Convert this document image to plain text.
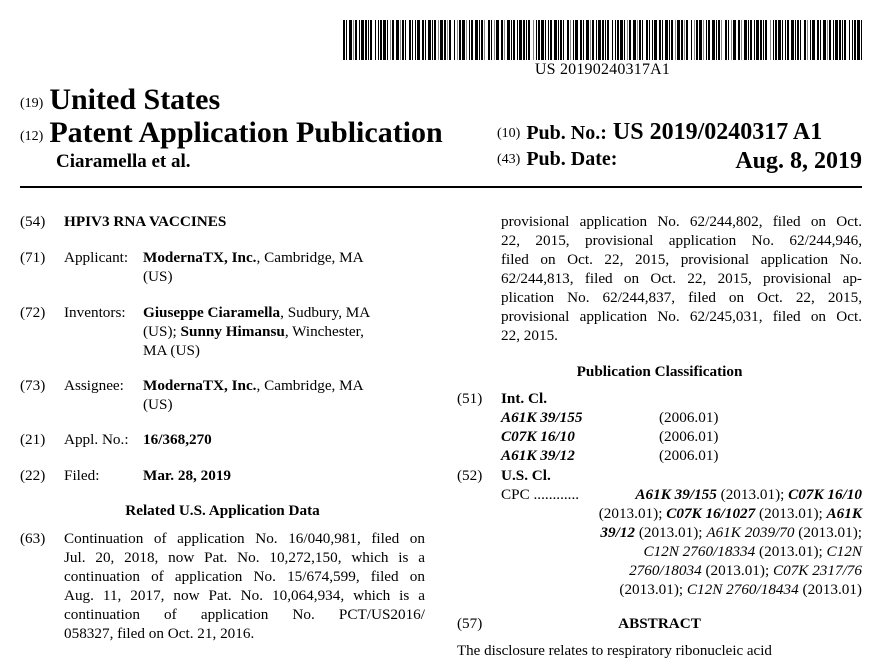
US 20190240317A1
(19) United States
(12) Patent Application Publication
Ciaramella et al.
(10) Pub. No.: US 2019/0240317 A1
(43) Pub. Date:	Aug. 8, 2019
(54) HPIV3 RNA VACCINES
(71) Applicant: ModernaTX, Inc., Cambridge, MA
(US)
(72) Inventors: Giuseppe Ciaramella, Sudbury, MA
(US); Sunny Himansu, Winchester,
MA (US)
(73) Assignee: ModernaTX, Inc., Cambridge, MA
(US)
(21) Appl. No.: 16/368,270
(22) Filed:	Mar. 28, 2019
Related U.S. Application Data
(63) Continuation of application No. 16/040,981, filed on
Jul. 20, 2018, now Pat. No. 10,272,150, which is a
continuation of application No. 15/674,599, filed on
Aug. 11, 2017, now Pat. No. 10,064,934, which is a
continuation of application No. PCT/US2016/
058327, filed on Oct. 21, 2016.
provisional application No. 62/244,802, filed on Oct.
22, 2015, provisional application No. 62/244,946,
filed on Oct. 22, 2015, provisional application No.
62/244,813, filed on Oct. 22, 2015, provisional ap-
plication No. 62/244,837, filed on Oct. 22, 2015,
provisional application No. 62/245,031, filed on Oct.
22, 2015.
Publication Classification
(51) Int. Cl.
A61K 39/155	(2006.01)
C07K 16/10	(2006.01)
A61K 39/12	(2006.01)
(52) U.S. Cl.
CPC ............	A61K 39/155 (2013.01); C07K 16/10
(2013.01); C07K 16/1027 (2013.01); A61K
39/12 (2013.01); A61K 2039/70 (2013.01);
C12N 2760/18334 (2013.01); C12N
2760/18034 (2013.01); C07K 2317/76
(2013.01); C12N 2760/18434 (2013.01)
(57)	ABSTRACT
The disclosure relates to respiratory ribonucleic acid
